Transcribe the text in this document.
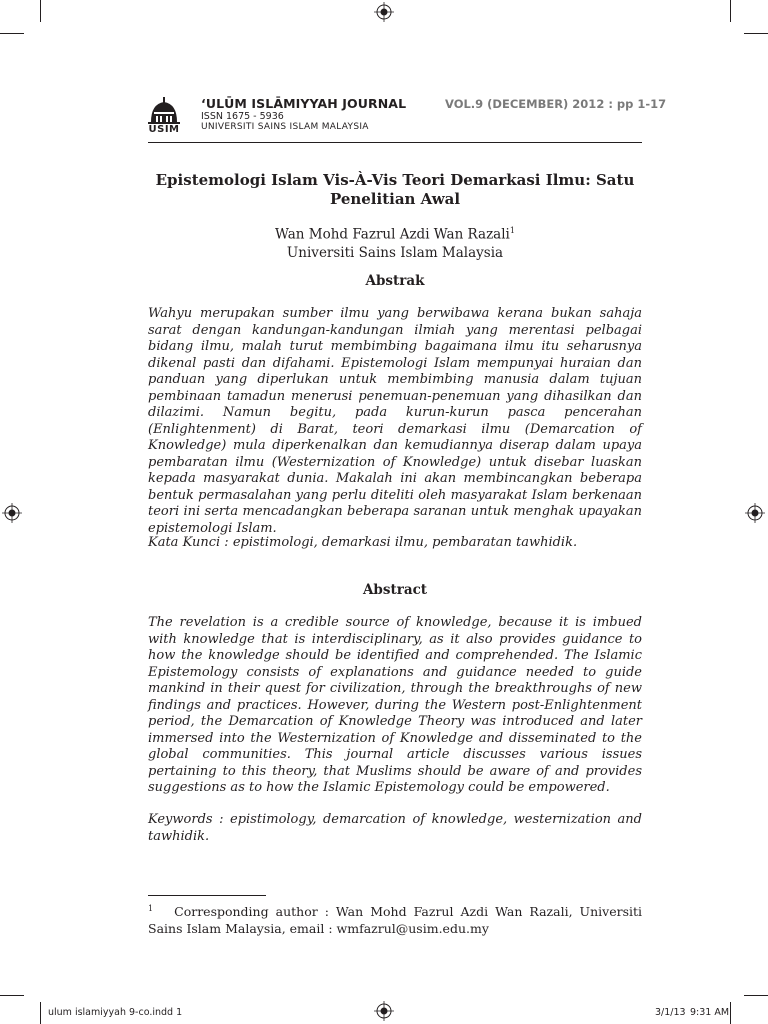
USIM
‘ULŪM ISLĀMIYYAH JOURNAL
ISSN 1675 - 5936
UNIVERSITI SAINS ISLAM MALAYSIA
VOL.9 (DECEMBER) 2012 : pp 1-17
Epistemologi Islam Vis-À-Vis Teori Demarkasi Ilmu: Satu
Penelitian Awal
Wan Mohd Fazrul Azdi Wan Razali$^1$
Universiti Sains Islam Malaysia
Abstrak

Wahyu merupakan sumber ilmu yang berwibawa kerana bukan sahaja sarat dengan kandungan-kandungan ilmiah yang merentasi pelbagai bidang ilmu, malah turut membimbing bagaimana ilmu itu seharusnya dikenal pasti dan difahami. Epistemologi Islam mempunyai huraian dan panduan yang diperlukan untuk membimbing manusia dalam tujuan pembinaan tamadun menerusi penemuan-penemuan yang dihasilkan dan dilazimi. Namun begitu, pada kurun-kurun pasca pencerahan (Enlightenment) di Barat, teori demarkasi ilmu (Demarcation of Knowledge) mula diperkenalkan dan kemudiannya diserap dalam upaya pembaratan ilmu (Westernization of Knowledge) untuk disebar luaskan kepada masyarakat dunia. Makalah ini akan membincangkan beberapa bentuk permasalahan yang perlu diteliti oleh masyarakat Islam berkenaan teori ini serta mencadangkan beberapa saranan untuk menghak upayakan epistemologi Islam.

Kata Kunci : epistimologi, demarkasi ilmu, pembaratan tawhidik.

Abstract

The revelation is a credible source of knowledge, because it is imbued with knowledge that is interdisciplinary, as it also provides guidance to how the knowledge should be identified and comprehended. The Islamic Epistemology consists of explanations and guidance needed to guide mankind in their quest for civilization, through the breakthroughs of new findings and practices. However, during the Western post-Enlightenment period, the Demarcation of Knowledge Theory was introduced and later immersed into the Westernization of Knowledge and disseminated to the global communities. This journal article discusses various issues pertaining to this theory, that Muslims should be aware of and provides suggestions as to how the Islamic Epistemology could be empowered.

Keywords : epistimology, demarcation of knowledge, westernization and tawhidik.

$^1$ Corresponding author : Wan Mohd Fazrul Azdi Wan Razali, Universiti Sains Islam Malaysia, email : wmfazrul@usim.edu.my

ulum islamiyyah 9-co.indd 1	3/1/13 9:31 AM
